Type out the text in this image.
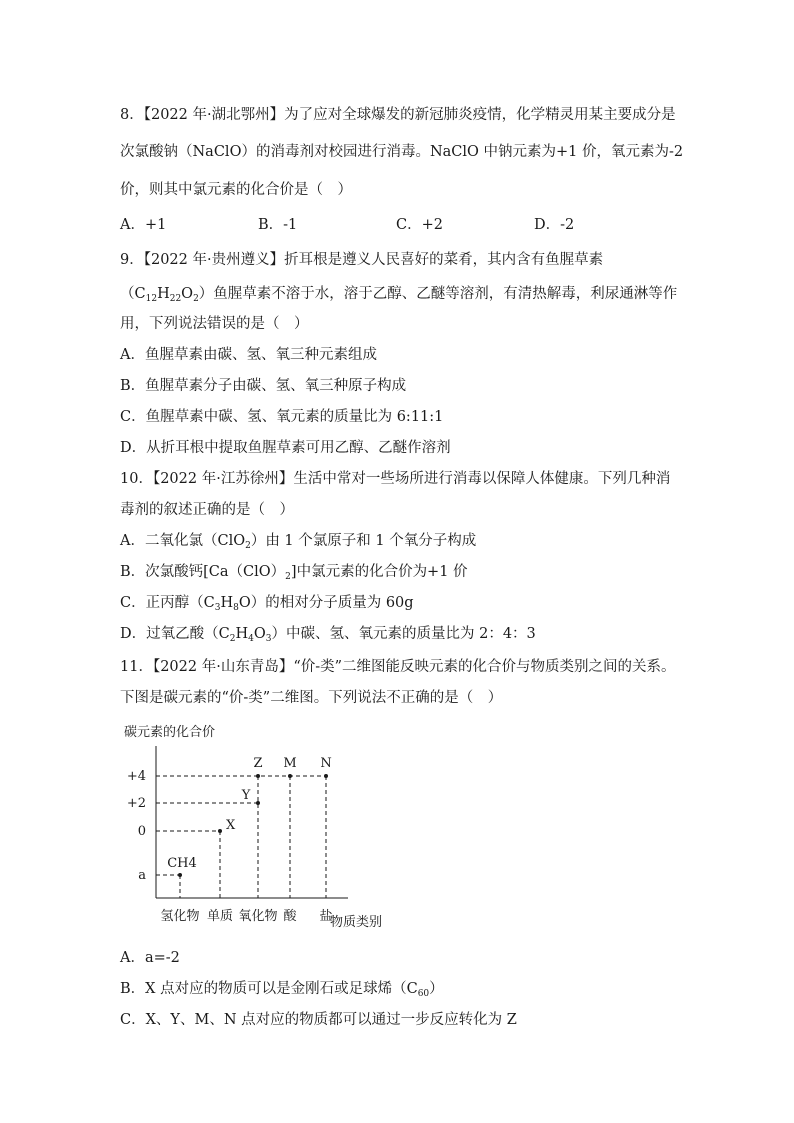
8．【2022 年·湖北鄂州】为了应对全球爆发的新冠肺炎疫情，化学精灵用某主要成分是
次氯酸钠（NaClO）的消毒剂对校园进行消毒。NaClO 中钠元素为+1 价，氧元素为-2
价，则其中氯元素的化合价是（　）
A．+1	B．-1	C．+2	D．-2
9．【2022 年·贵州遵义】折耳根是遵义人民喜好的菜肴，其内含有鱼腥草素
$(C_{12}H_{22}O_2)$鱼腥草素不溶于水，溶于乙醇、乙醚等溶剂，有清热解毒，利尿通淋等作
用，下列说法错误的是（　）
A．鱼腥草素由碳、氢、氧三种元素组成
B．鱼腥草素分子由碳、氢、氧三种原子构成
C．鱼腥草素中碳、氢、氧元素的质量比为 6:11:1
D．从折耳根中提取鱼腥草素可用乙醇、乙醚作溶剂
10．【2022 年·江苏徐州】生活中常对一些场所进行消毒以保障人体健康。下列几种消
毒剂的叙述正确的是（　）
A．二氧化氯（ClO$_2$）由 1 个氯原子和 1 个氧分子构成
B．次氯酸钙$[Ca(ClO)_2]$中氯元素的化合价为+1 价
C．正丙醇$(C_3H_8O)$的相对分子质量为 60g
D．过氧乙酸$(C_2H_4O_3)$中碳、氢、氧元素的质量比为 2：4：3
11．【2022 年·山东青岛】“价-类”二维图能反映元素的化合价与物质类别之间的关系。
下图是碳元素的“价-类”二维图。下列说法不正确的是（　）
碳元素的化合价
物质类别
+4
+2
0
a
氢化物 单质 氧化物 酸 盐
CH4
X
Y
Z M N
A．a=-2
B．X 点对应的物质可以是金刚石或足球烯$(C_{60})$
C．X、Y、M、N 点对应的物质都可以通过一步反应转化为 Z
